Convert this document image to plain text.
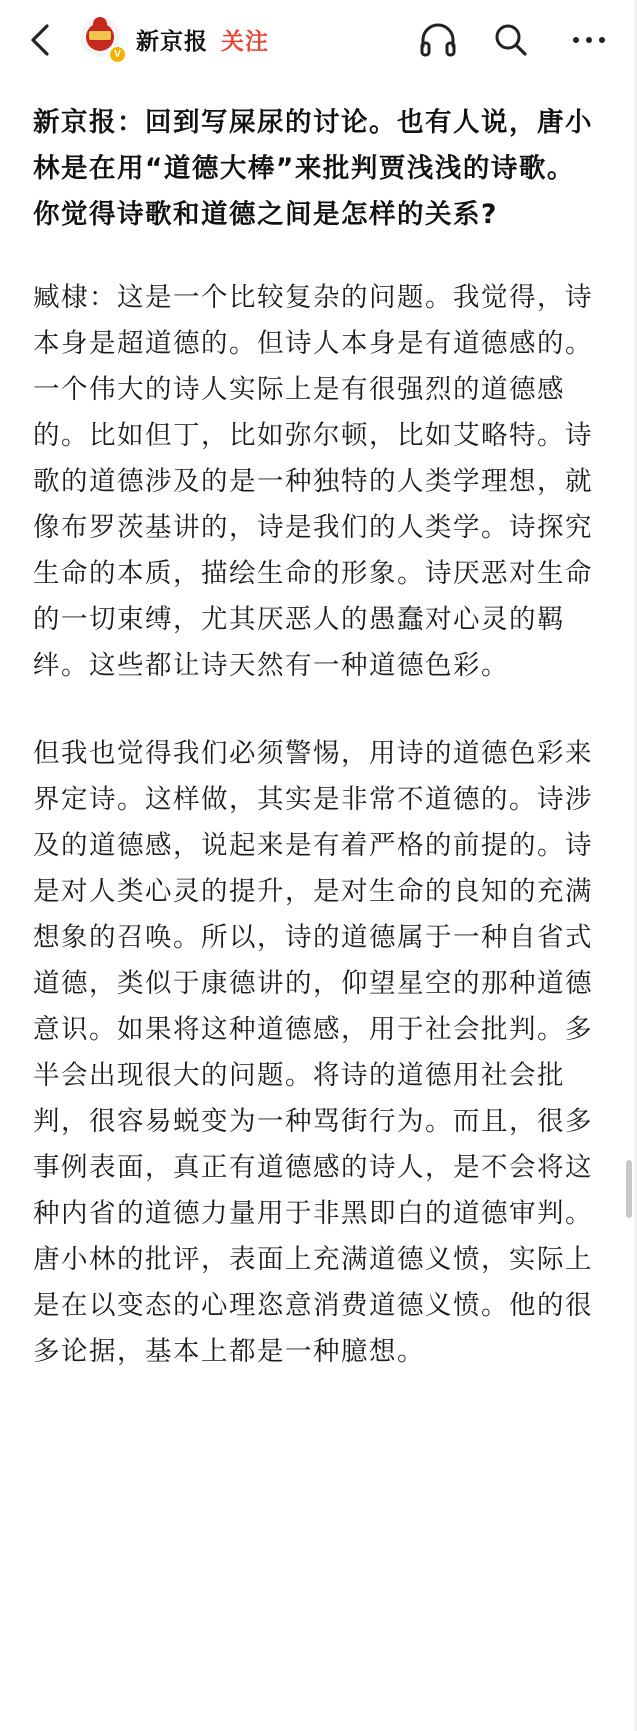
V 新京报 关注

新京报：回到写屎尿的讨论。也有人说，唐小林是在用“道德大棒”来批判贾浅浅的诗歌。 你觉得诗歌和道德之间是怎样的关系?

臧棣：这是一个比较复杂的问题。我觉得，诗本身是超道德的。但诗人本身是有道德感的。一个伟大的诗人实际上是有很强烈的道德感的。比如但丁，比如弥尔顿，比如艾略特。诗歌的道德涉及的是一种独特的人类学理想，就像布罗茨基讲的，诗是我们的人类学。诗探究生命的本质，描绘生命的形象。诗厌恶对生命的一切束缚，尤其厌恶人的愚蠢对心灵的羁绊。这些都让诗天然有一种道德色彩。

但我也觉得我们必须警惕，用诗的道德色彩来界定诗。这样做，其实是非常不道德的。诗涉及的道德感，说起来是有着严格的前提的。诗是对人类心灵的提升，是对生命的良知的充满想象的召唤。所以，诗的道德属于一种自省式道德，类似于康德讲的，仰望星空的那种道德意识。如果将这种道德感，用于社会批判。多半会出现很大的问题。将诗的道德用社会批判，很容易蜕变为一种骂街行为。而且，很多事例表面，真正有道德感的诗人，是不会将这种内省的道德力量用于非黑即白的道德审判。唐小林的批评，表面上充满道德义愤，实际上是在以变态的心理恣意消费道德义愤。他的很多论据，基本上都是一种臆想。
